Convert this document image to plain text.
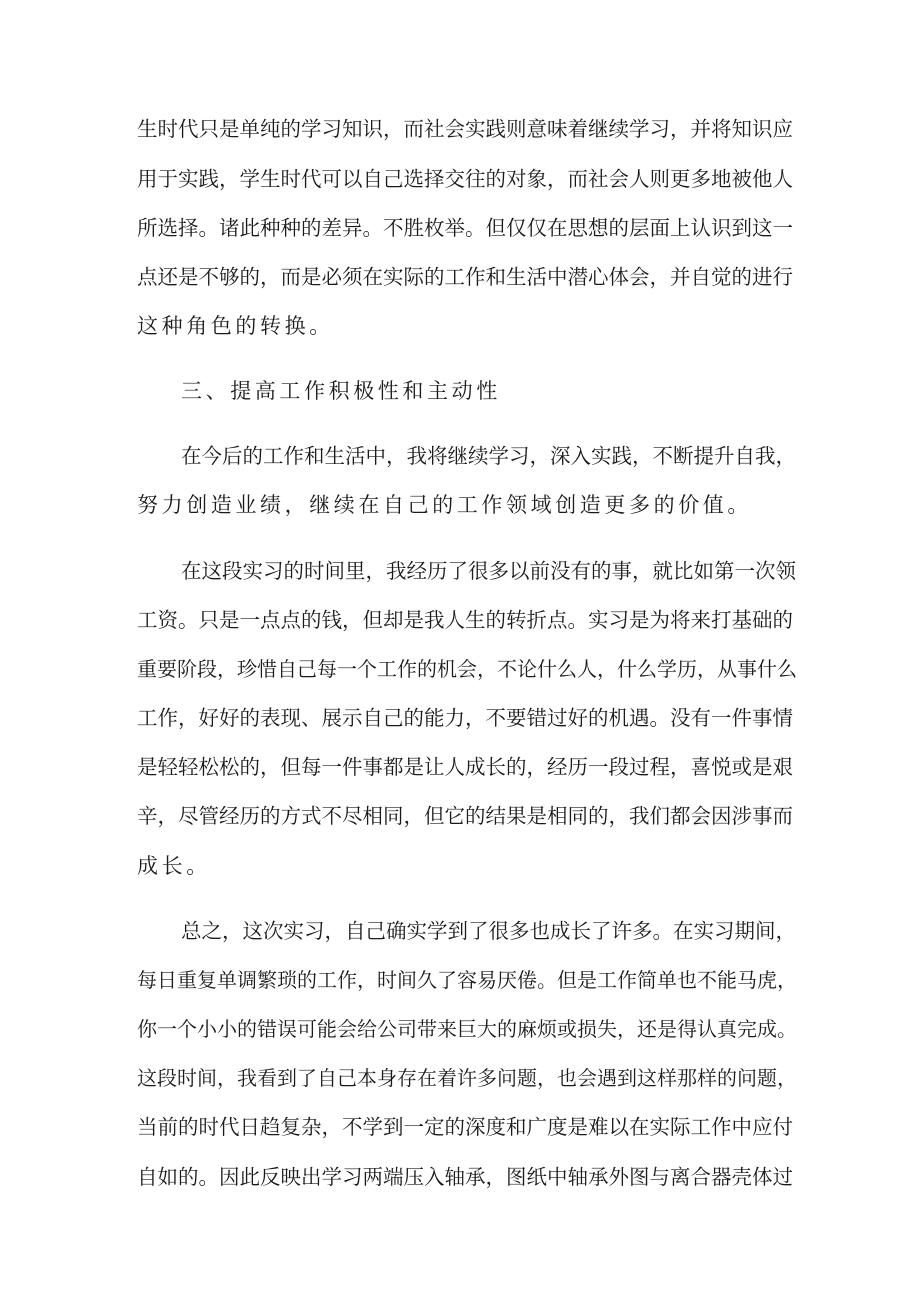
生时代只是单纯的学习知识，而社会实践则意味着继续学习，并将知识应
用于实践，学生时代可以自己选择交往的对象，而社会人则更多地被他人
所选择。诸此种种的差异。不胜枚举。但仅仅在思想的层面上认识到这一
点还是不够的，而是必须在实际的工作和生活中潜心体会，并自觉的进行
这种角色的转换。
三、提高工作积极性和主动性
在今后的工作和生活中，我将继续学习，深入实践，不断提升自我，
努力创造业绩，继续在自己的工作领域创造更多的价值。
在这段实习的时间里，我经历了很多以前没有的事，就比如第一次领
工资。只是一点点的钱，但却是我人生的转折点。实习是为将来打基础的
重要阶段，珍惜自己每一个工作的机会，不论什么人，什么学历，从事什么
工作，好好的表现、展示自己的能力，不要错过好的机遇。没有一件事情
是轻轻松松的，但每一件事都是让人成长的，经历一段过程，喜悦或是艰
辛，尽管经历的方式不尽相同，但它的结果是相同的，我们都会因涉事而
成长。
总之，这次实习，自己确实学到了很多也成长了许多。在实习期间，
每日重复单调繁琐的工作，时间久了容易厌倦。但是工作简单也不能马虎，
你一个小小的错误可能会给公司带来巨大的麻烦或损失，还是得认真完成。
这段时间，我看到了自己本身存在着许多问题，也会遇到这样那样的问题，
当前的时代日趋复杂，不学到一定的深度和广度是难以在实际工作中应付
自如的。因此反映出学习两端压入轴承，图纸中轴承外图与离合器壳体过
